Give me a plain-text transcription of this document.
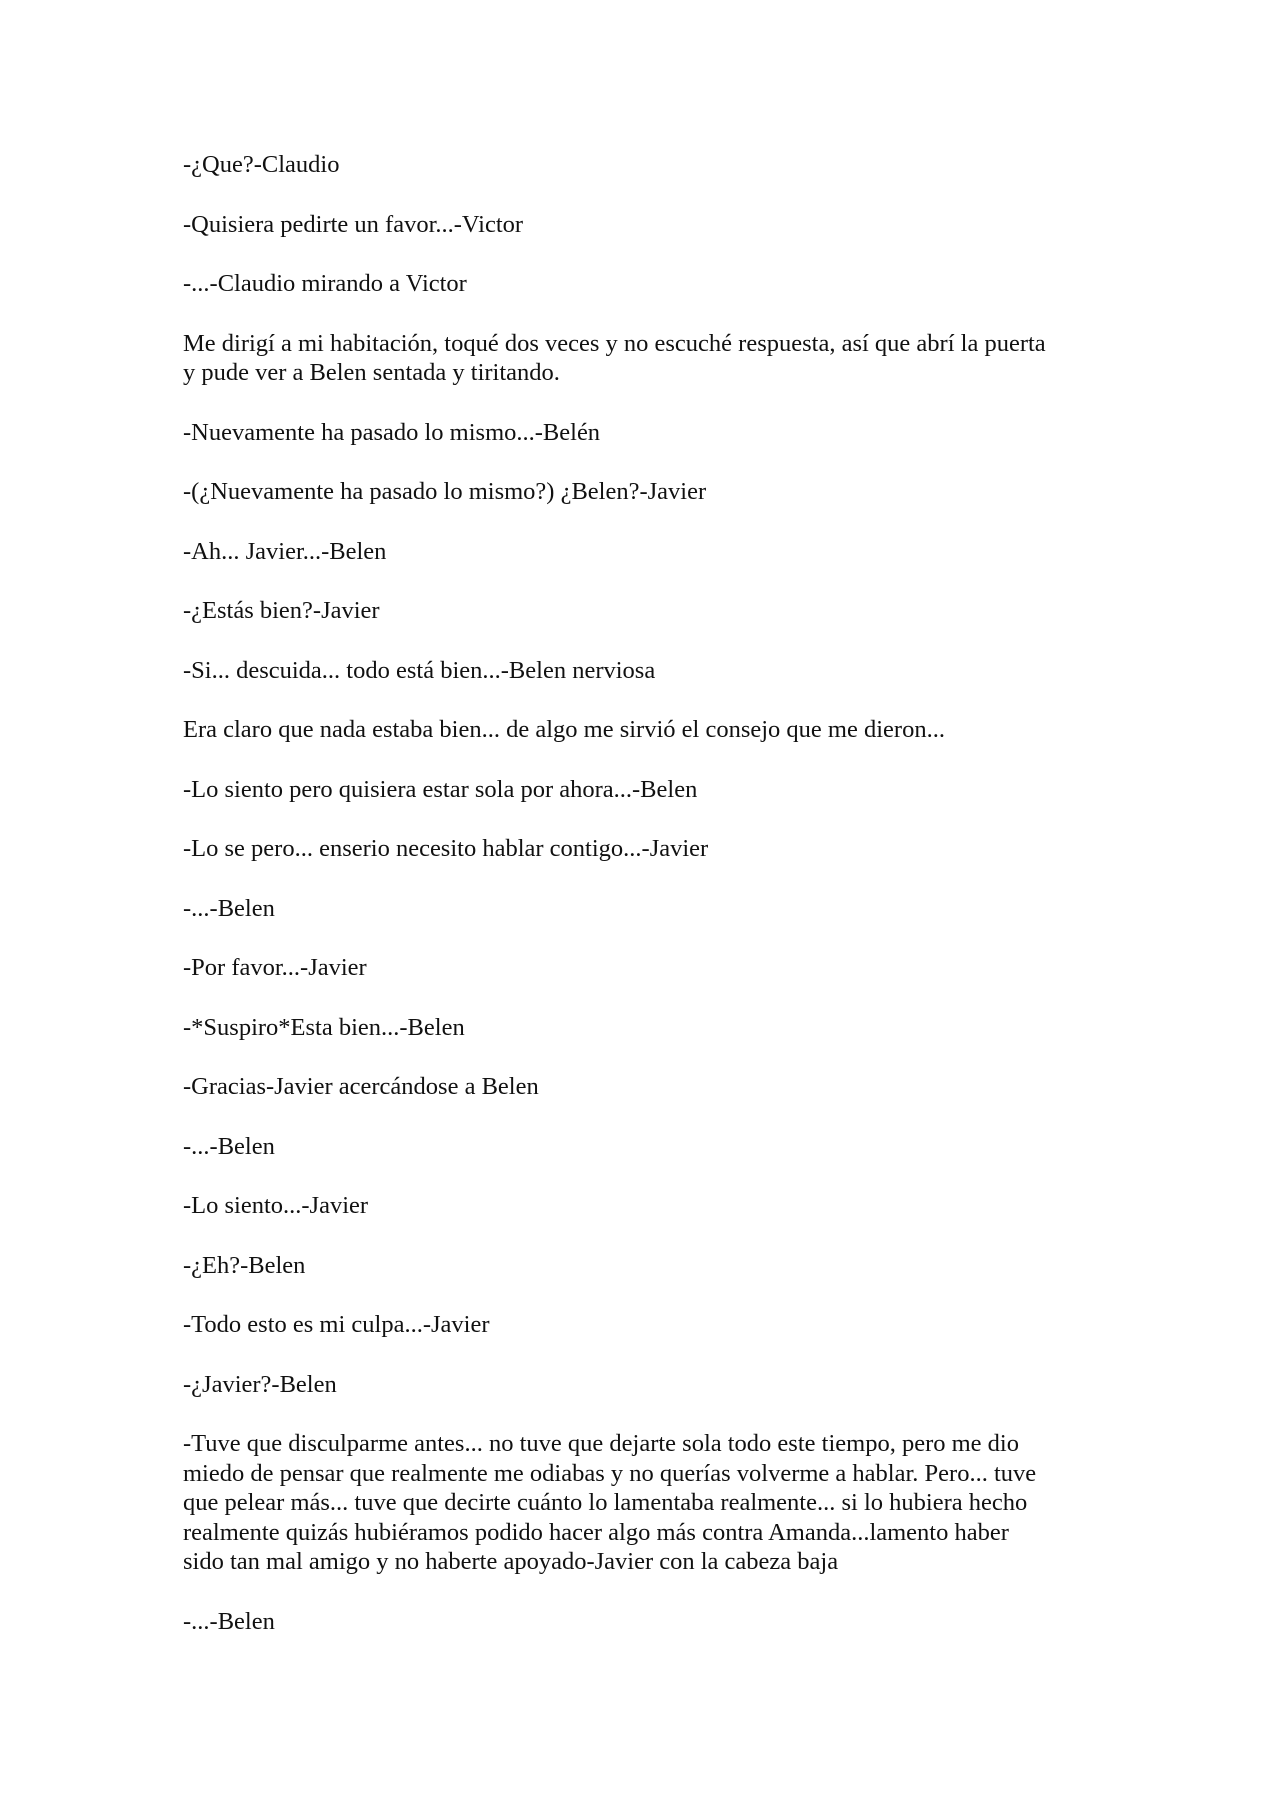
-¿Que?-Claudio

-Quisiera pedirte un favor...-Victor

-...-Claudio mirando a Victor

Me dirigí a mi habitación, toqué dos veces y no escuché respuesta, así que abrí la puerta
y pude ver a Belen sentada y tiritando.

-Nuevamente ha pasado lo mismo...-Belén

-(¿Nuevamente ha pasado lo mismo?) ¿Belen?-Javier

-Ah... Javier...-Belen

-¿Estás bien?-Javier

-Si... descuida... todo está bien...-Belen nerviosa

Era claro que nada estaba bien... de algo me sirvió el consejo que me dieron...

-Lo siento pero quisiera estar sola por ahora...-Belen

-Lo se pero... enserio necesito hablar contigo...-Javier

-...-Belen

-Por favor...-Javier

-*Suspiro*Esta bien...-Belen

-Gracias-Javier acercándose a Belen

-...-Belen

-Lo siento...-Javier

-¿Eh?-Belen

-Todo esto es mi culpa...-Javier

-¿Javier?-Belen

-Tuve que disculparme antes... no tuve que dejarte sola todo este tiempo, pero me dio
miedo de pensar que realmente me odiabas y no querías volverme a hablar. Pero... tuve
que pelear más... tuve que decirte cuánto lo lamentaba realmente... si lo hubiera hecho
realmente quizás hubiéramos podido hacer algo más contra Amanda...lamento haber
sido tan mal amigo y no haberte apoyado-Javier con la cabeza baja

-...-Belen
